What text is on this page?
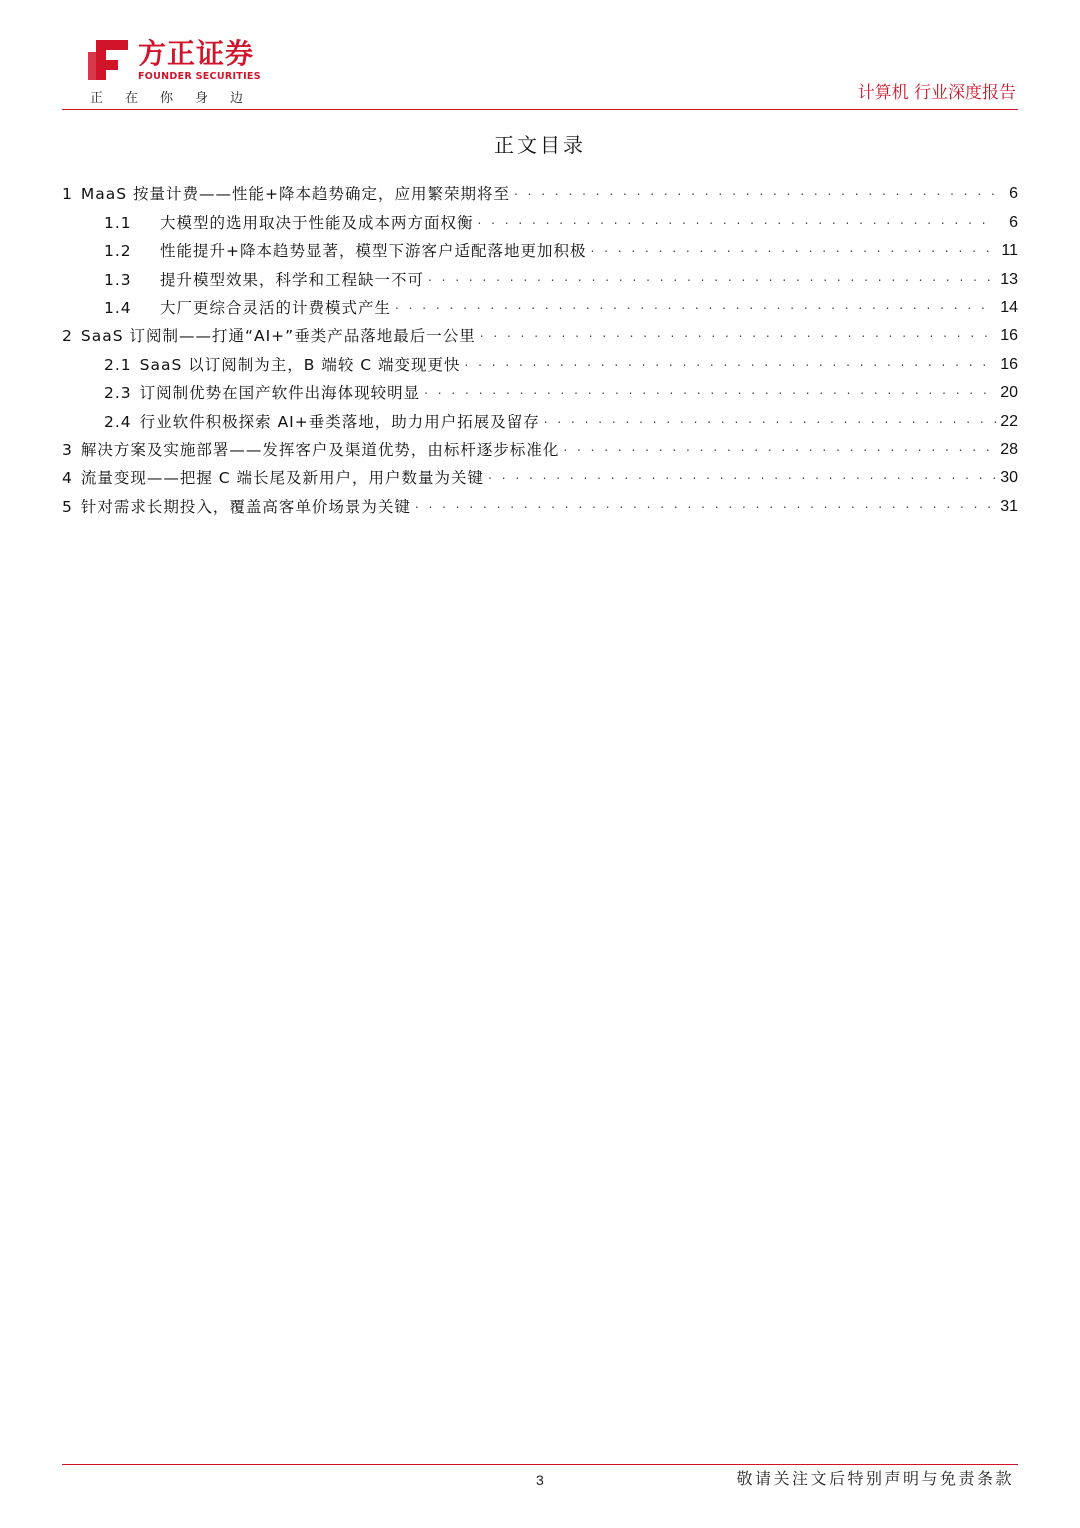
方正证券
FOUNDER SECURITIES
正在你身边	计算机 行业深度报告
正文目录
1 MaaS 按量计费——性能+降本趋势确定，应用繁荣期将至 . . .	6
1.1	大模型的选用取决于性能及成本两方面权衡 . . .	6
1.2	性能提升+降本趋势显著，模型下游客户适配落地更加积极 . . .	11
1.3	提升模型效果，科学和工程缺一不可 . . .	13
1.4	大厂更综合灵活的计费模式产生 . . .	14
2 SaaS 订阅制——打通“AI+”垂类产品落地最后一公里 . . .	16
2.1 SaaS 以订阅制为主，B 端较 C 端变现更快 . . .	16
2.3 订阅制优势在国产软件出海体现较明显 . . .	20
2.4 行业软件积极探索 AI+垂类落地，助力用户拓展及留存 . . .	22
3 解决方案及实施部署——发挥客户及渠道优势，由标杆逐步标准化 . . .	28
4 流量变现——把握 C 端长尾及新用户，用户数量为关键 . . .	30
5 针对需求长期投入，覆盖高客单价场景为关键 . . .	31
3	敬请关注文后特别声明与免责条款
